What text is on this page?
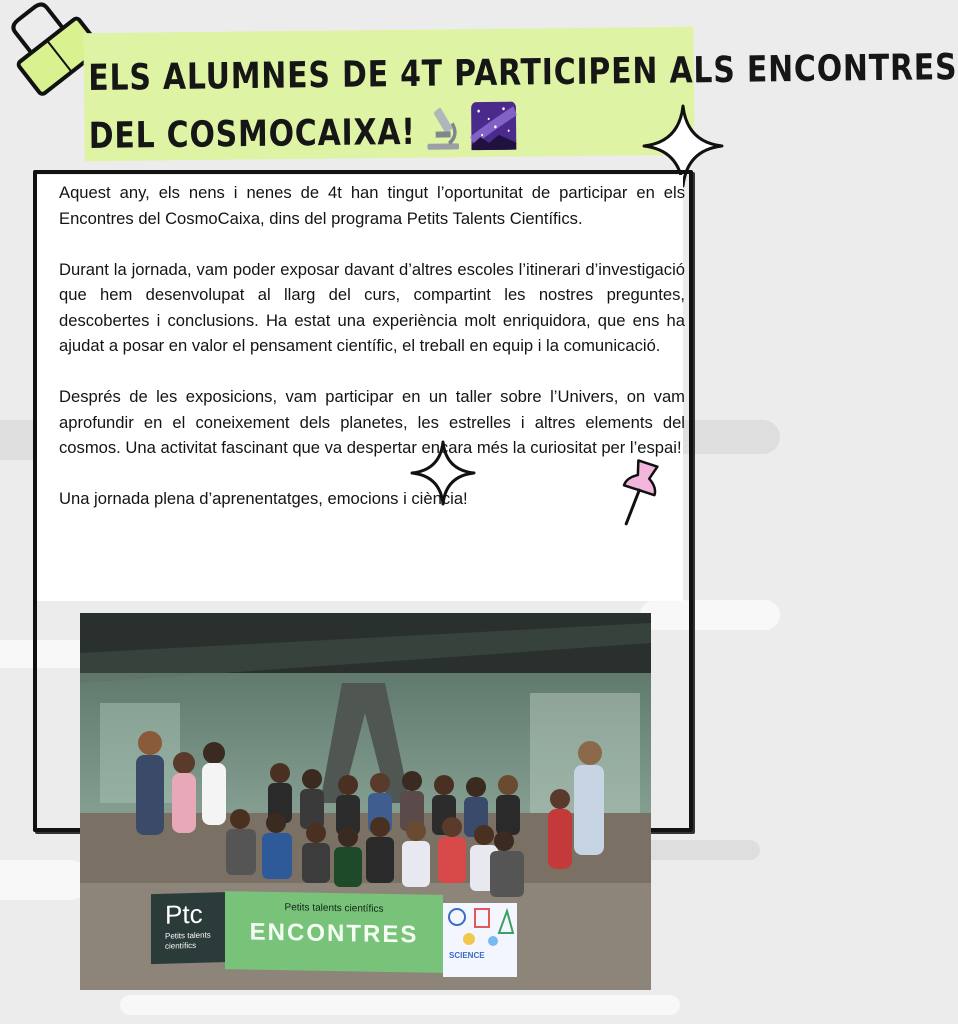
ELS ALUMNES DE 4T PARTICIPEN ALS ENCONTRES
DEL COSMOCAIXA!

Aquest any, els nens i nenes de 4t han tingut l’oportunitat de participar en els Encontres del CosmoCaixa, dins del programa Petits Talents Científics.

Durant la jornada, vam poder exposar davant d’altres escoles l’itinerari d’investigació que hem desenvolupat al llarg del curs, compartint les nostres preguntes, descobertes i conclusions. Ha estat una experiència molt enriquidora, que ens ha ajudat a posar en valor el pensament científic, el treball en equip i la comunicació.

Després de les exposicions, vam participar en un taller sobre l’Univers, on vam aprofundir en el coneixement dels planetes, les estrelles i altres elements del cosmos. Una activitat fascinant que va despertar encara més la curiositat per l’espai!

Una jornada plena d’aprenentatges, emocions i ciència!

Ptc
Petits talents científics
Petits talents científics
ENCONTRES
SCIENCE
